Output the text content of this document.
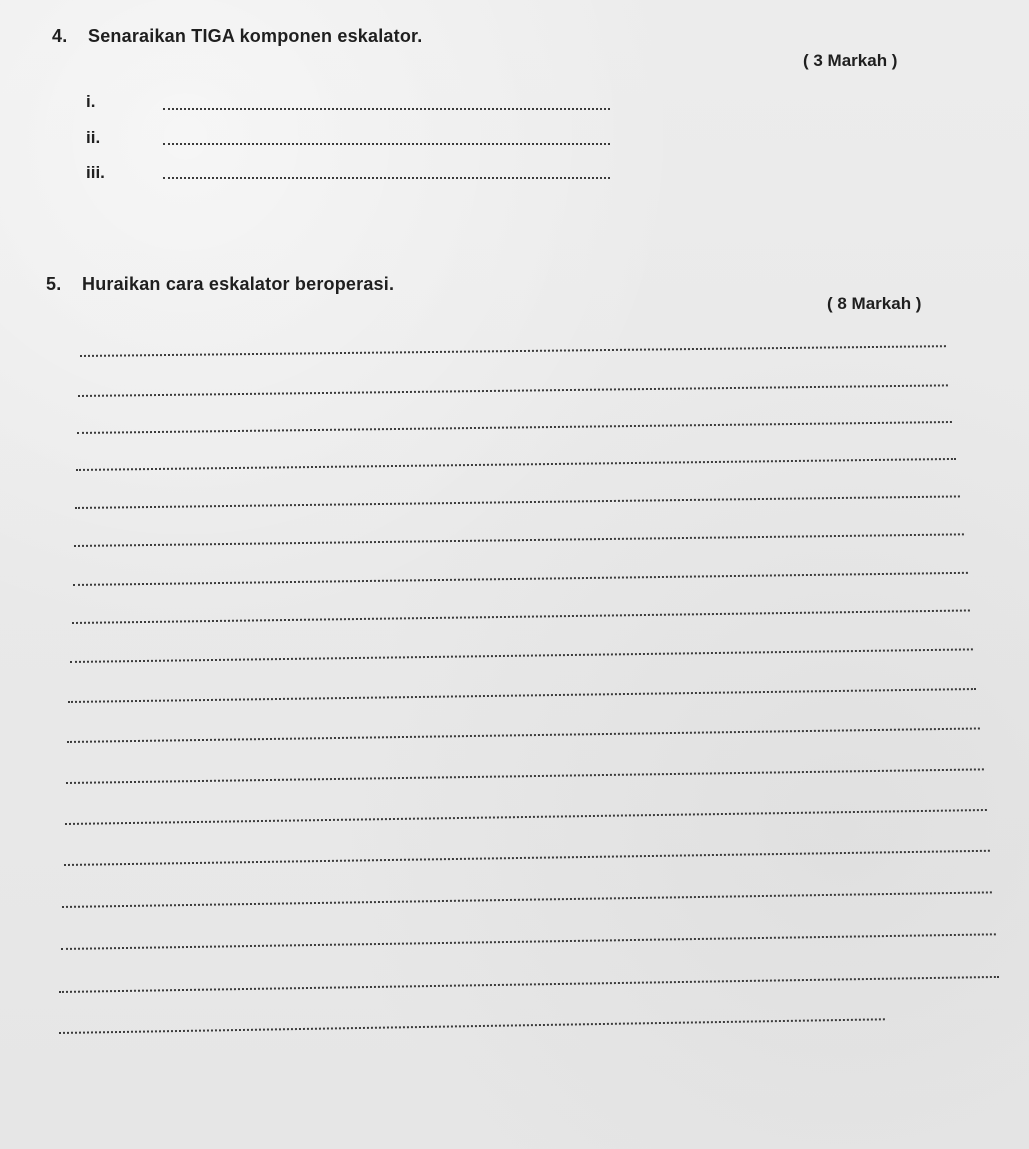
4. Senaraikan TIGA komponen eskalator.
( 3 Markah )
i.
ii.
iii.
5. Huraikan cara eskalator beroperasi.
( 8 Markah )
